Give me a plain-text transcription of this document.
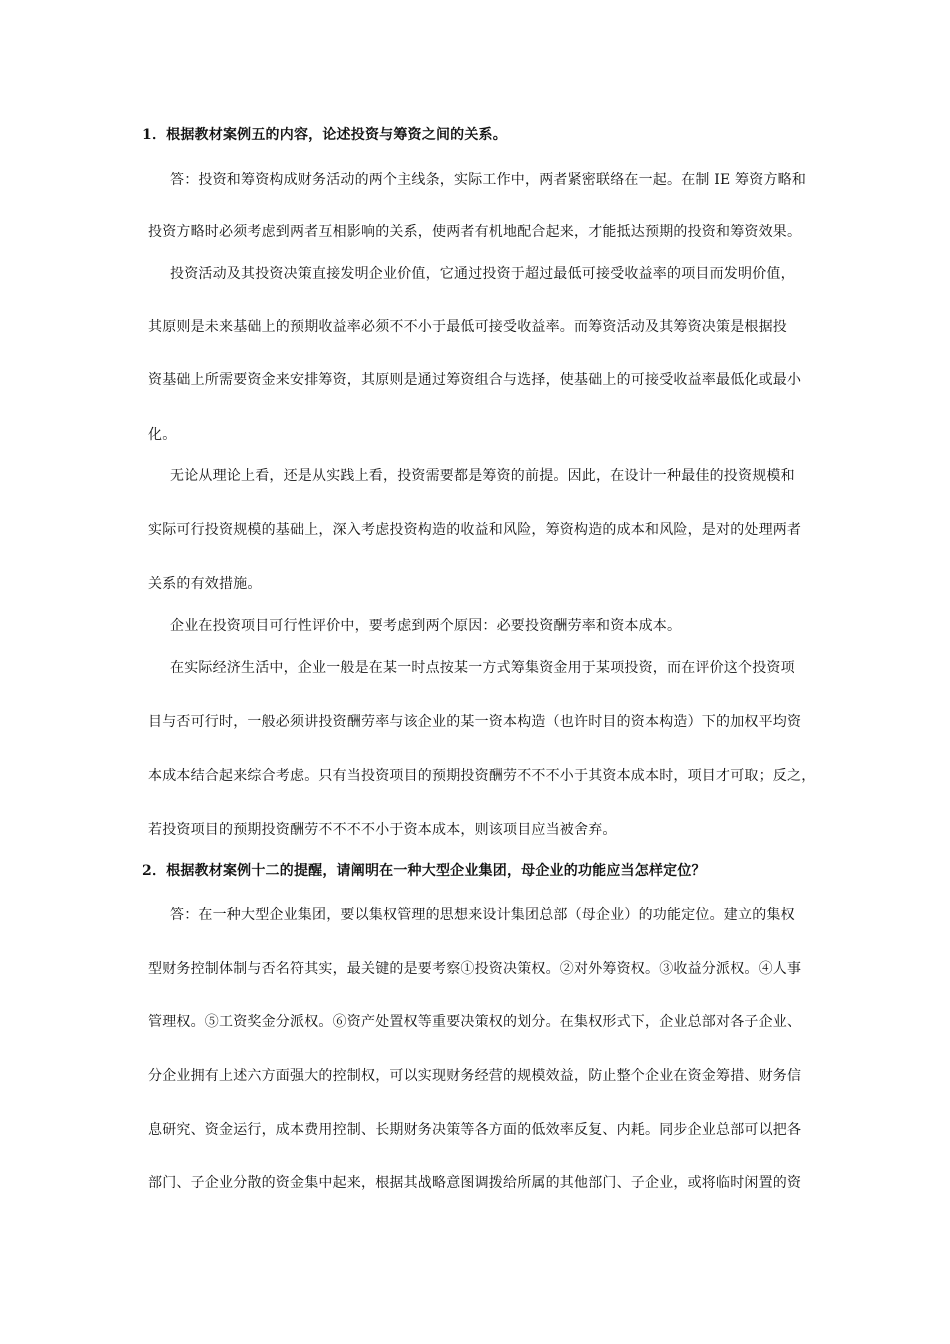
1．根据教材案例五的内容，论述投资与筹资之间的关系。
答：投资和筹资构成财务活动的两个主线条，实际工作中，两者紧密联络在一起。在制 IE 筹资方略和
投资方略时必须考虑到两者互相影响的关系，使两者有机地配合起来，才能抵达预期的投资和筹资效果。
投资活动及其投资决策直接发明企业价值，它通过投资于超过最低可接受收益率的项目而发明价值，
其原则是未来基础上的预期收益率必须不不小于最低可接受收益率。而筹资活动及其筹资决策是根据投
资基础上所需要资金来安排筹资，其原则是通过筹资组合与选择，使基础上的可接受收益率最低化或最小
化。
无论从理论上看，还是从实践上看，投资需要都是筹资的前提。因此，在设计一种最佳的投资规模和
实际可行投资规模的基础上，深入考虑投资构造的收益和风险，筹资构造的成本和风险，是对的处理两者
关系的有效措施。
企业在投资项目可行性评价中，要考虑到两个原因：必要投资酬劳率和资本成本。
在实际经济生活中，企业一般是在某一时点按某一方式筹集资金用于某项投资，而在评价这个投资项
目与否可行时，一般必须讲投资酬劳率与该企业的某一资本构造（也许时目的资本构造）下的加权平均资
本成本结合起来综合考虑。只有当投资项目的预期投资酬劳不不不小于其资本成本时，项目才可取；反之，
若投资项目的预期投资酬劳不不不不小于资本成本，则该项目应当被舍弃。
2．根据教材案例十二的提醒，请阐明在一种大型企业集团，母企业的功能应当怎样定位？
答：在一种大型企业集团，要以集权管理的思想来设计集团总部（母企业）的功能定位。建立的集权
型财务控制体制与否名符其实，最关键的是要考察①投资决策权。②对外筹资权。③收益分派权。④人事
管理权。⑤工资奖金分派权。⑥资产处置权等重要决策权的划分。在集权形式下，企业总部对各子企业、
分企业拥有上述六方面强大的控制权，可以实现财务经营的规模效益，防止整个企业在资金筹措、财务信
息研究、资金运行，成本费用控制、长期财务决策等各方面的低效率反复、内耗。同步企业总部可以把各
部门、子企业分散的资金集中起来，根据其战略意图调拨给所属的其他部门、子企业，或将临时闲置的资
